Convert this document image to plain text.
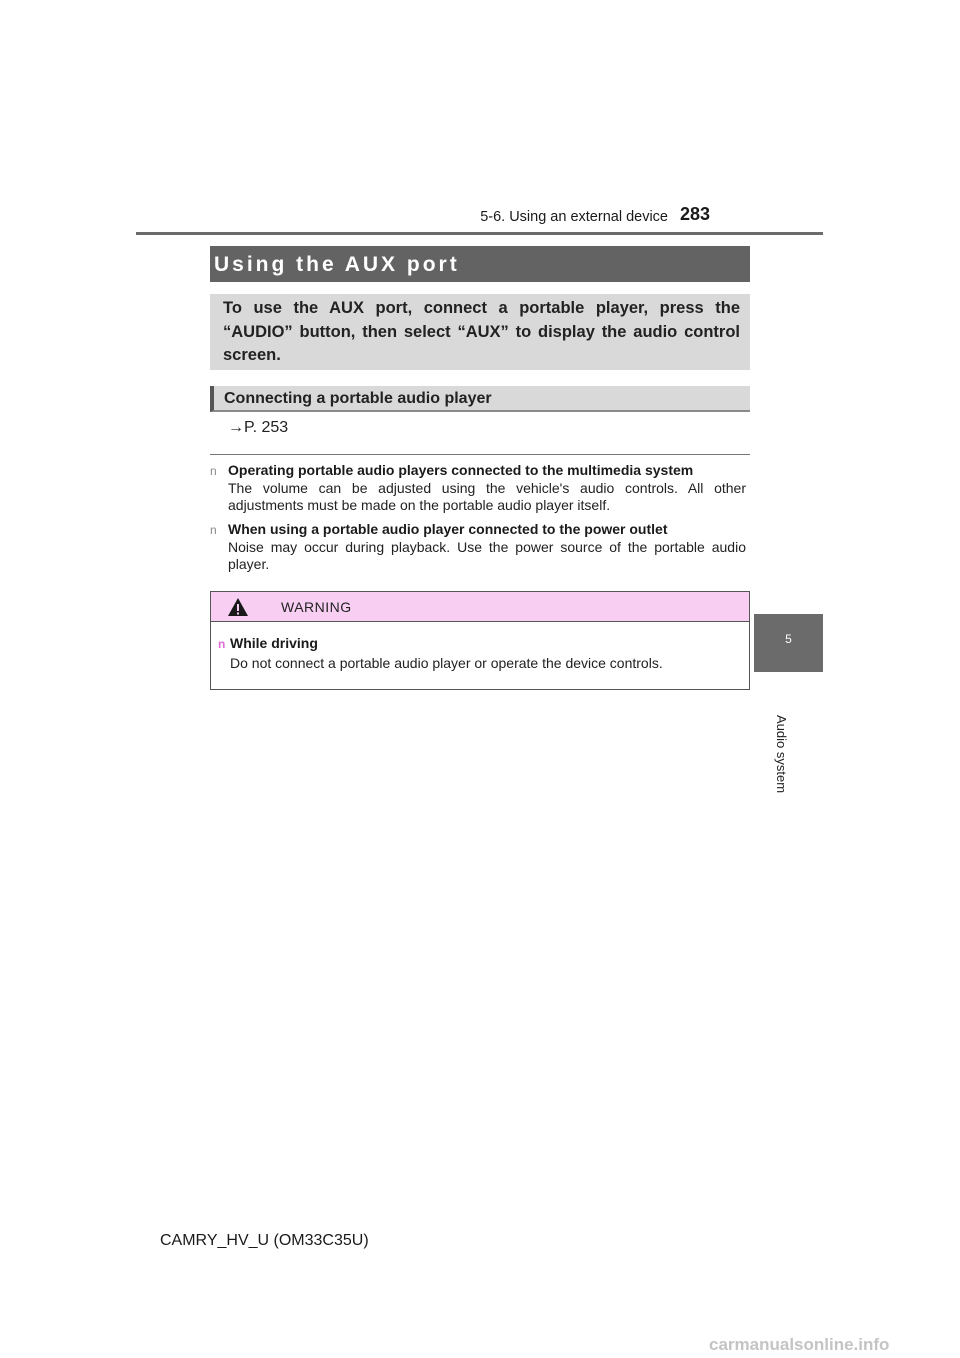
5-6. Using an external device 283
5
Audio system
Using the AUX port
To use the AUX port, connect a portable player, press the “AUDIO” button, then select “AUX” to display the audio control screen.
Connecting a portable audio player
→P. 253
n Operating portable audio players connected to the multimedia system
The volume can be adjusted using the vehicle's audio controls. All other adjustments must be made on the portable audio player itself.
n When using a portable audio player connected to the power outlet
Noise may occur during playback. Use the power source of the portable audio player.
WARNING
n While driving
Do not connect a portable audio player or operate the device controls.
CAMRY_HV_U (OM33C35U)
carmanualsonline.info
